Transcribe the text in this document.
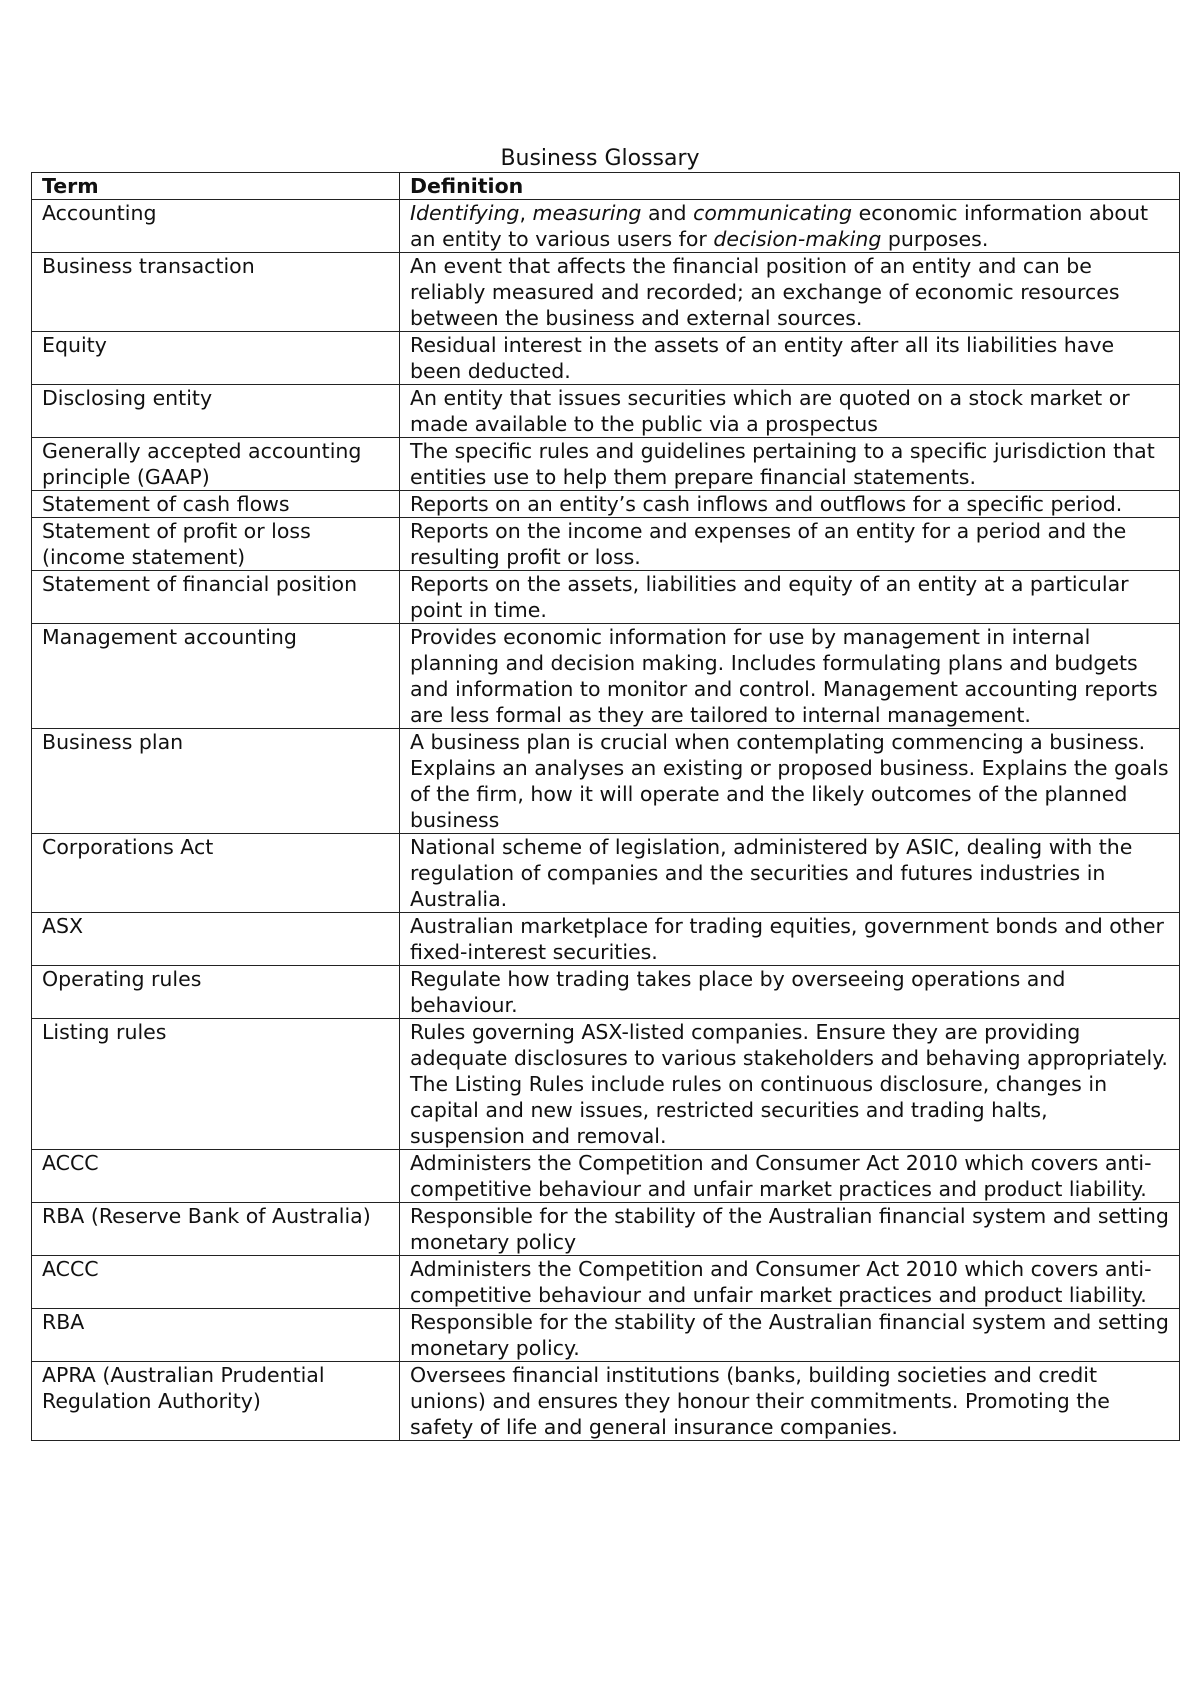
Business Glossary
Term	Definition
Accounting	Identifying, measuring and communicating economic information about an entity to various users for decision-making purposes.
Business transaction	An event that affects the financial position of an entity and can be reliably measured and recorded; an exchange of economic resources between the business and external sources.
Equity	Residual interest in the assets of an entity after all its liabilities have been deducted.
Disclosing entity	An entity that issues securities which are quoted on a stock market or made available to the public via a prospectus
Generally accepted accounting principle (GAAP)	The specific rules and guidelines pertaining to a specific jurisdiction that entities use to help them prepare financial statements.
Statement of cash flows	Reports on an entity’s cash inflows and outflows for a specific period.
Statement of profit or loss (income statement)	Reports on the income and expenses of an entity for a period and the resulting profit or loss.
Statement of financial position	Reports on the assets, liabilities and equity of an entity at a particular point in time.
Management accounting	Provides economic information for use by management in internal planning and decision making. Includes formulating plans and budgets and information to monitor and control. Management accounting reports are less formal as they are tailored to internal management.
Business plan	A business plan is crucial when contemplating commencing a business. Explains an analyses an existing or proposed business. Explains the goals of the firm, how it will operate and the likely outcomes of the planned business
Corporations Act	National scheme of legislation, administered by ASIC, dealing with the regulation of companies and the securities and futures industries in Australia.
ASX	Australian marketplace for trading equities, government bonds and other fixed-interest securities.
Operating rules	Regulate how trading takes place by overseeing operations and behaviour.
Listing rules	Rules governing ASX-listed companies. Ensure they are providing adequate disclosures to various stakeholders and behaving appropriately. The Listing Rules include rules on continuous disclosure, changes in capital and new issues, restricted securities and trading halts, suspension and removal.
ACCC	Administers the Competition and Consumer Act 2010 which covers anti-competitive behaviour and unfair market practices and product liability.
RBA (Reserve Bank of Australia)	Responsible for the stability of the Australian financial system and setting monetary policy
ACCC	Administers the Competition and Consumer Act 2010 which covers anti-competitive behaviour and unfair market practices and product liability.
RBA	Responsible for the stability of the Australian financial system and setting monetary policy.
APRA (Australian Prudential Regulation Authority)	Oversees financial institutions (banks, building societies and credit unions) and ensures they honour their commitments. Promoting the safety of life and general insurance companies.
